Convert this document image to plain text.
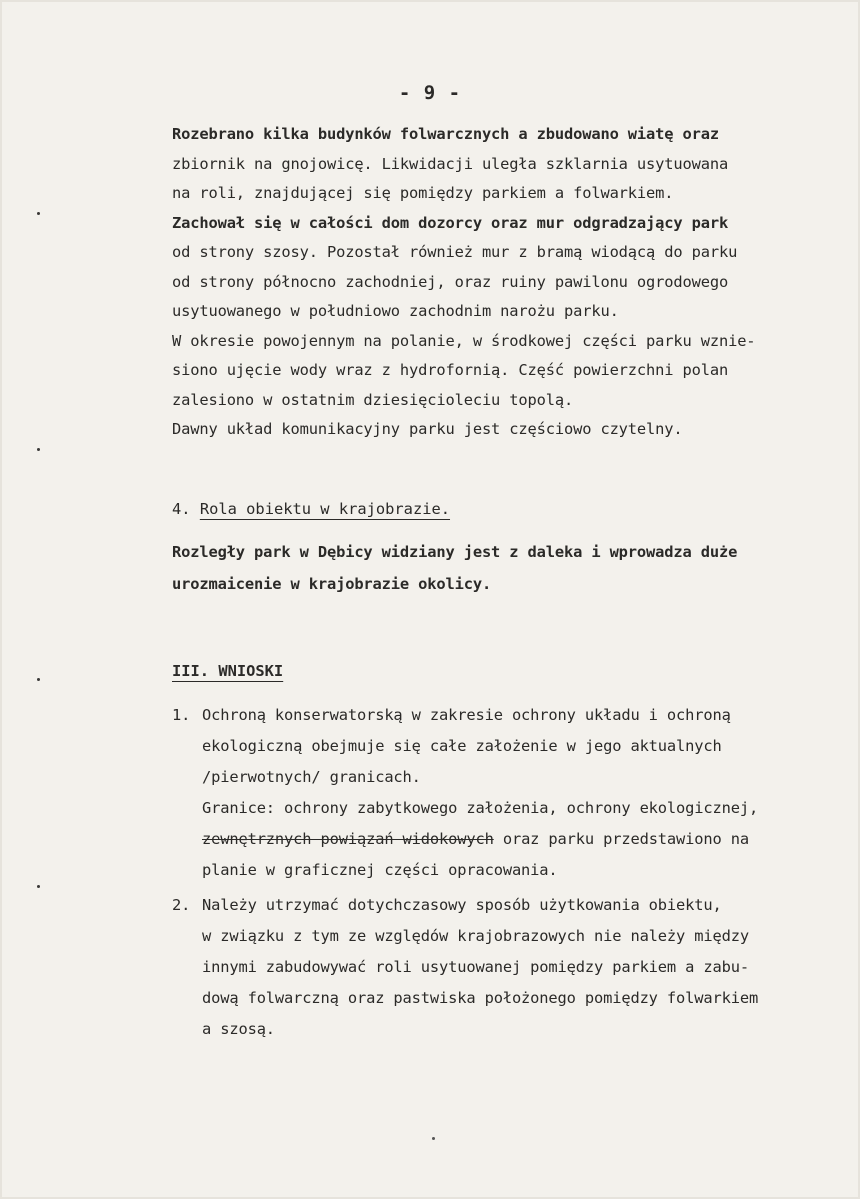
- 9 -
Rozebrano kilka budynków folwarcznych a zbudowano wiatę oraz
zbiornik na gnojowicę. Likwidacji uległa szklarnia usytuowana
na roli, znajdującej się pomiędzy parkiem a folwarkiem.
Zachował się w całości dom dozorcy oraz mur odgradzający park
od strony szosy. Pozostał również mur z bramą wiodącą do parku
od strony północno zachodniej, oraz ruiny pawilonu ogrodowego
usytuowanego w południowo zachodnim narożu parku.
W okresie powojennym na polanie, w środkowej części parku wznie-
siono ujęcie wody wraz z hydrofornią. Część powierzchni polan
zalesiono w ostatnim dziesięcioleciu topolą.
Dawny układ komunikacyjny parku jest częściowo czytelny.
4. Rola obiektu w krajobrazie.
Rozległy park w Dębicy widziany jest z daleka i wprowadza duże
urozmaicenie w krajobrazie okolicy.
III. WNIOSKI
1. Ochroną konserwatorską w zakresie ochrony układu i ochroną
ekologiczną obejmuje się całe założenie w jego aktualnych
/pierwotnych/ granicach.
Granice: ochrony zabytkowego założenia, ochrony ekologicznej,
zewnętrznych powiązań widokowych oraz parku przedstawiono na
planie w graficznej części opracowania.
2. Należy utrzymać dotychczasowy sposób użytkowania obiektu,
w związku z tym ze względów krajobrazowych nie należy między
innymi zabudowywać roli usytuowanej pomiędzy parkiem a zabu-
dową folwarczną oraz pastwiska położonego pomiędzy folwarkiem
a szosą.
